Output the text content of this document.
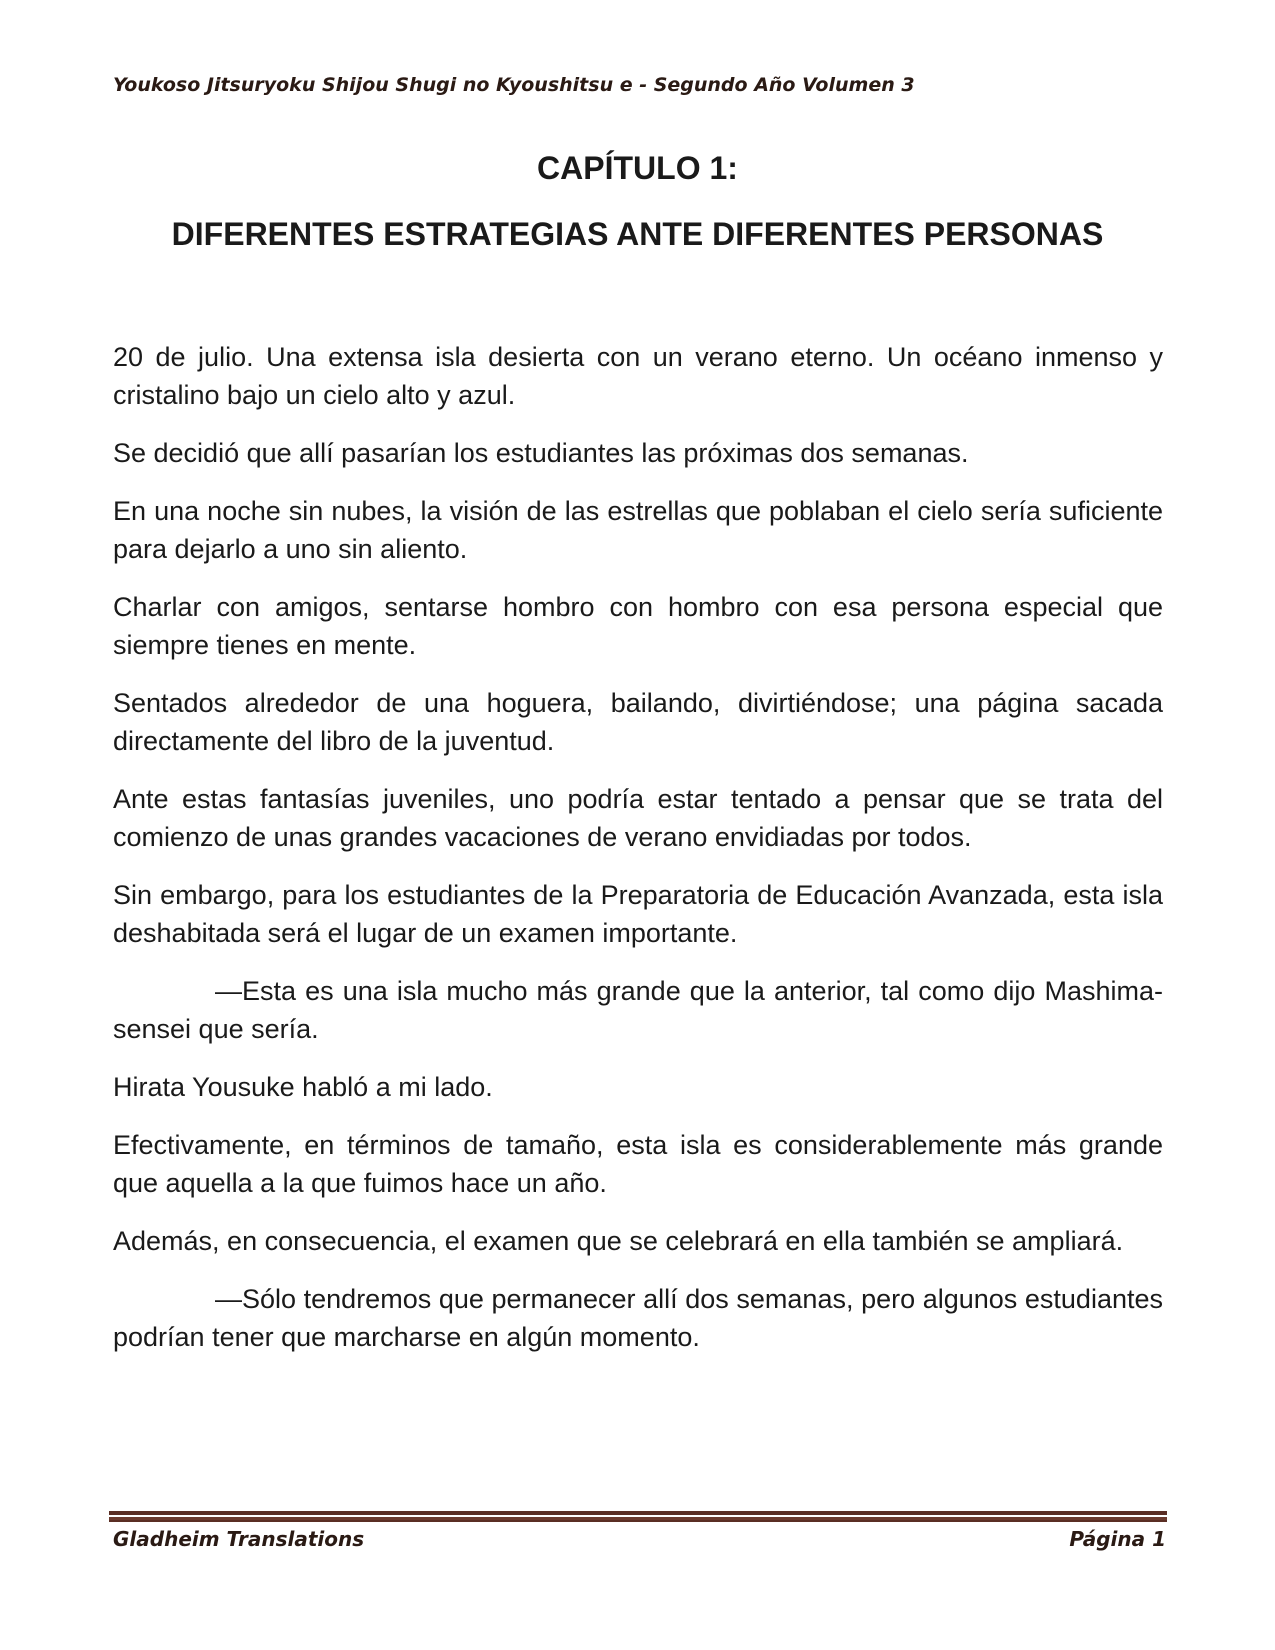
Youkoso Jitsuryoku Shijou Shugi no Kyoushitsu e - Segundo Año Volumen 3
CAPÍTULO 1:
DIFERENTES ESTRATEGIAS ANTE DIFERENTES PERSONAS

20 de julio. Una extensa isla desierta con un verano eterno. Un océano inmenso y cristalino bajo un cielo alto y azul.

Se decidió que allí pasarían los estudiantes las próximas dos semanas.

En una noche sin nubes, la visión de las estrellas que poblaban el cielo sería suficiente para dejarlo a uno sin aliento.

Charlar con amigos, sentarse hombro con hombro con esa persona especial que siempre tienes en mente.

Sentados alrededor de una hoguera, bailando, divirtiéndose; una página sacada directamente del libro de la juventud.

Ante estas fantasías juveniles, uno podría estar tentado a pensar que se trata del comienzo de unas grandes vacaciones de verano envidiadas por todos.

Sin embargo, para los estudiantes de la Preparatoria de Educación Avanzada, esta isla deshabitada será el lugar de un examen importante.

—Esta es una isla mucho más grande que la anterior, tal como dijo Mashima-sensei que sería.

Hirata Yousuke habló a mi lado.

Efectivamente, en términos de tamaño, esta isla es considerablemente más grande que aquella a la que fuimos hace un año.

Además, en consecuencia, el examen que se celebrará en ella también se ampliará.

—Sólo tendremos que permanecer allí dos semanas, pero algunos estudiantes podrían tener que marcharse en algún momento.

Gladheim Translations	Página 1
